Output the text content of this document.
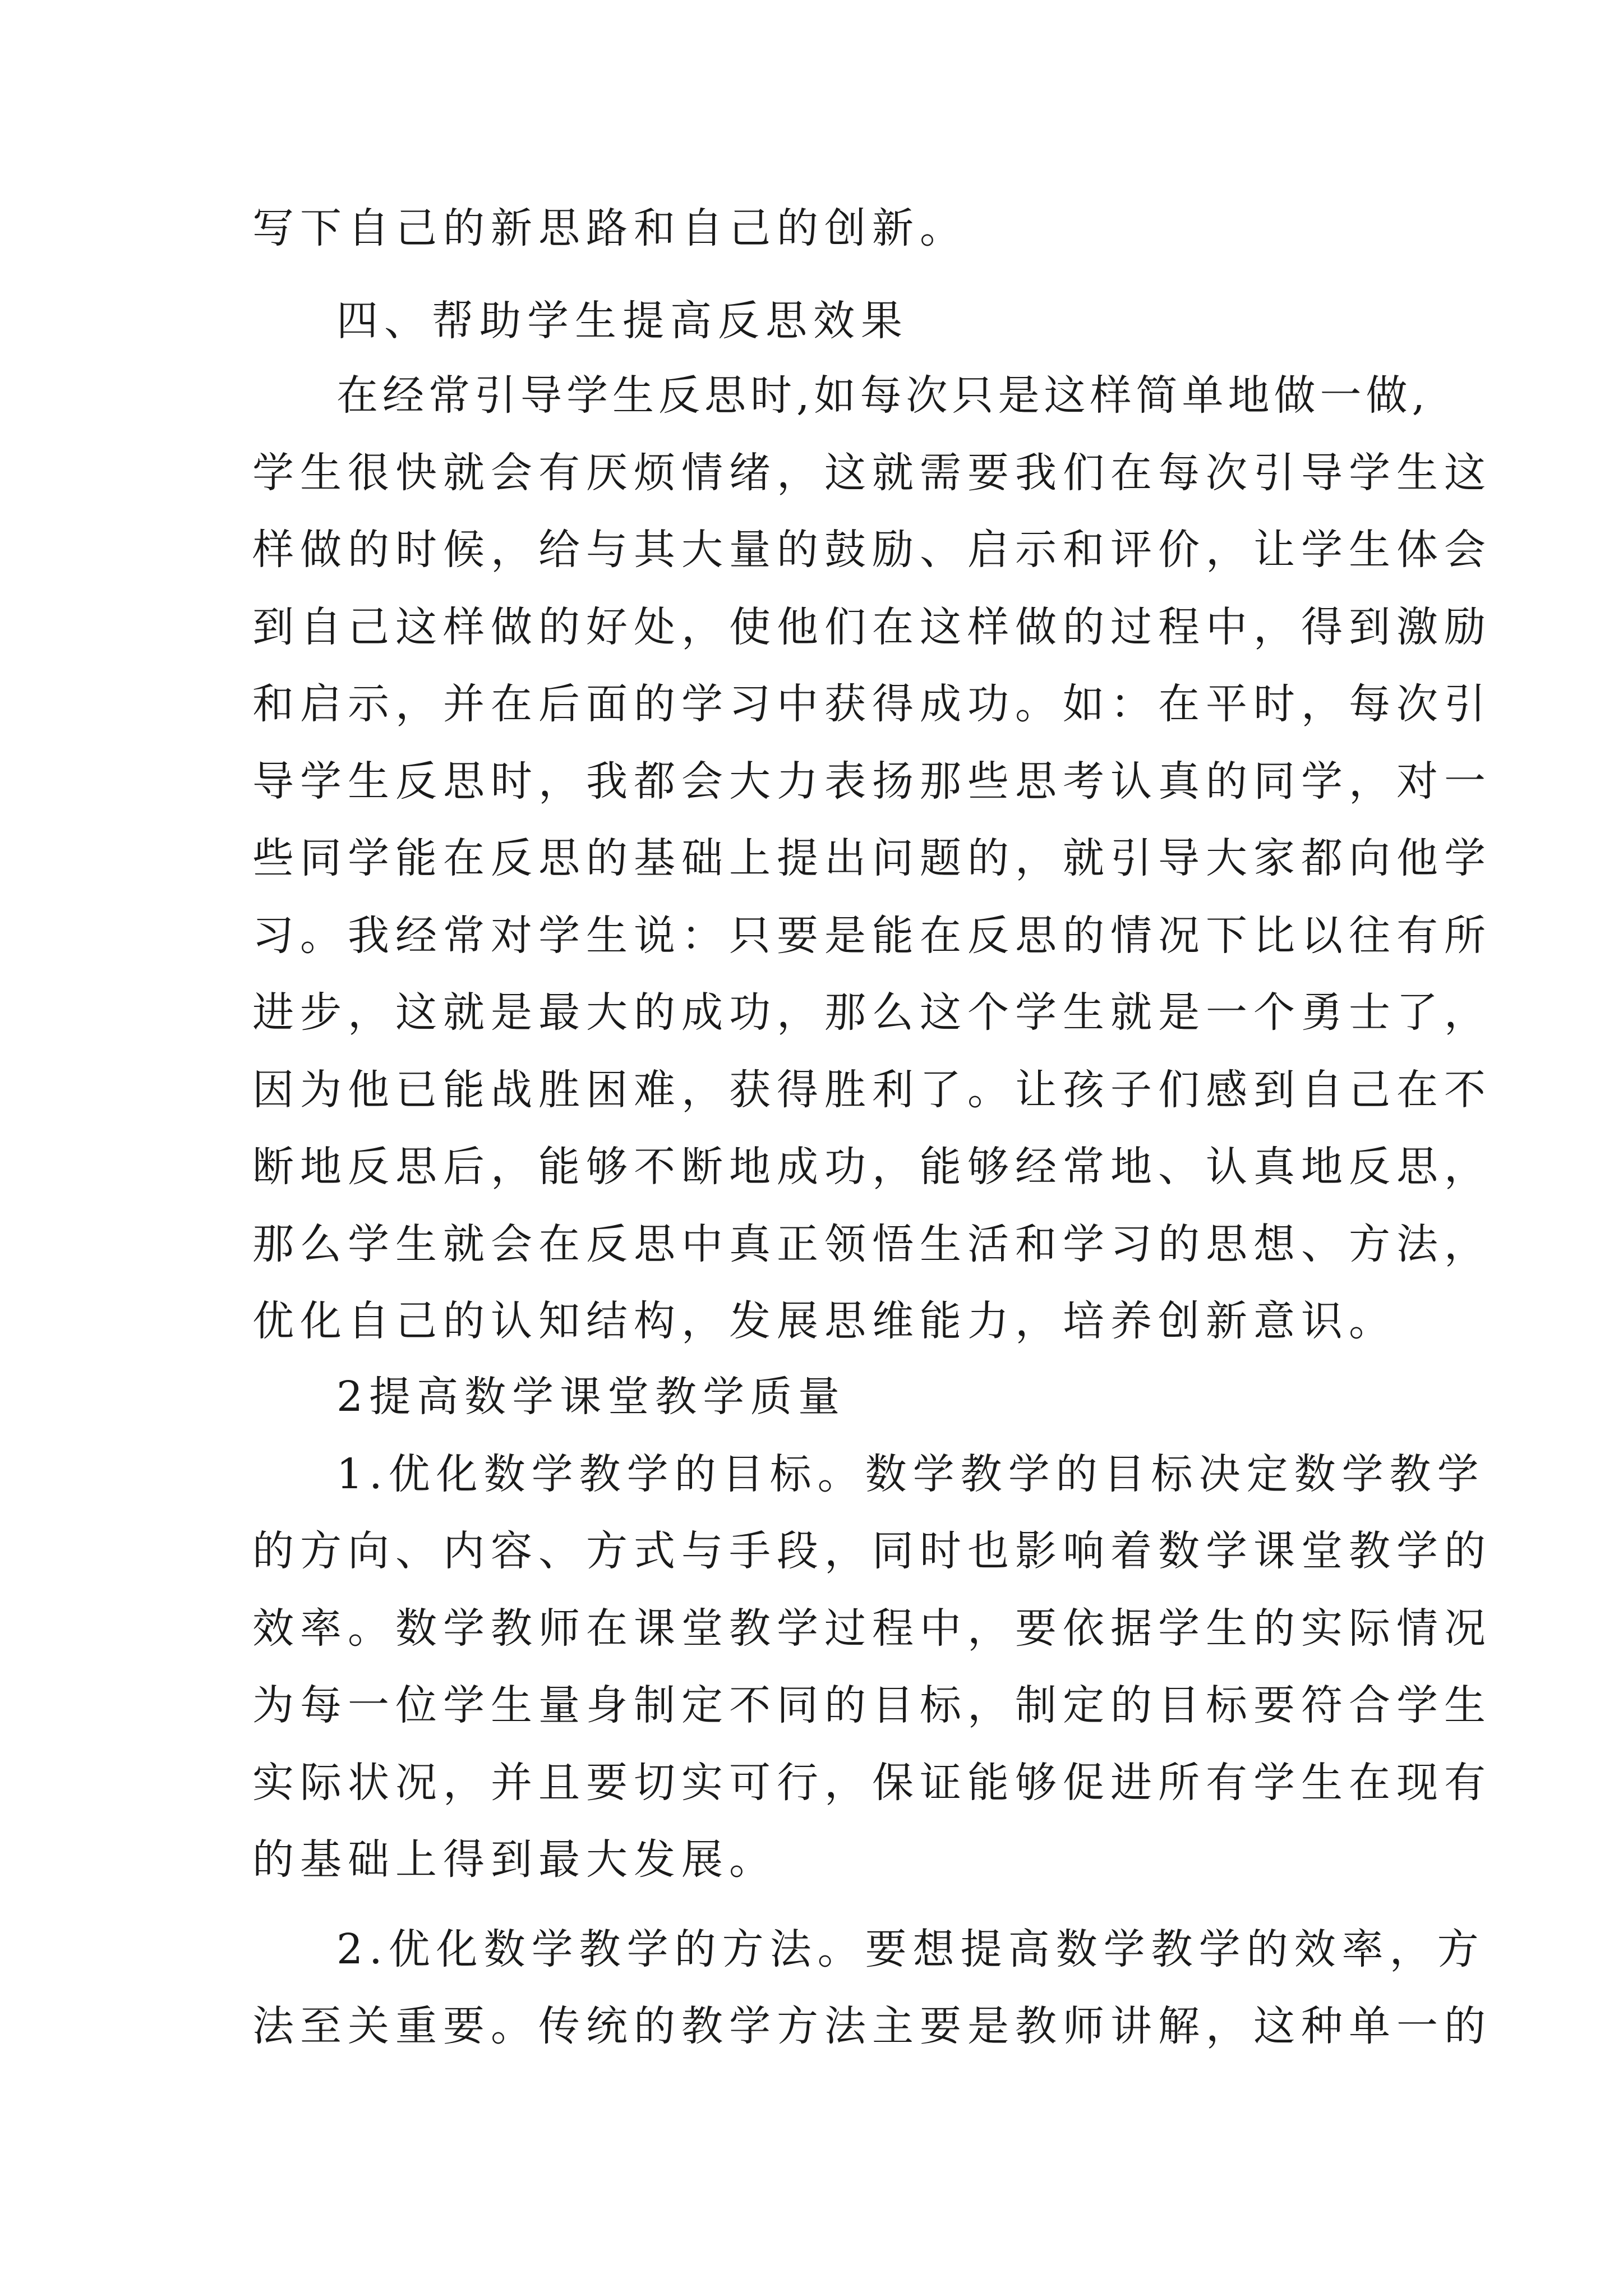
写下自己的新思路和自己的创新。
四、帮助学生提高反思效果
在经常引导学生反思时,如每次只是这样简单地做一做,
学生很快就会有厌烦情绪，这就需要我们在每次引导学生这
样做的时候，给与其大量的鼓励、启示和评价，让学生体会
到自己这样做的好处，使他们在这样做的过程中，得到激励
和启示，并在后面的学习中获得成功。如：在平时，每次引
导学生反思时，我都会大力表扬那些思考认真的同学，对一
些同学能在反思的基础上提出问题的，就引导大家都向他学
习。我经常对学生说：只要是能在反思的情况下比以往有所
进步，这就是最大的成功，那么这个学生就是一个勇士了，
因为他已能战胜困难，获得胜利了。让孩子们感到自己在不
断地反思后，能够不断地成功，能够经常地、认真地反思，
那么学生就会在反思中真正领悟生活和学习的思想、方法，
优化自己的认知结构，发展思维能力，培养创新意识。
2提高数学课堂教学质量
1.优化数学教学的目标。数学教学的目标决定数学教学
的方向、内容、方式与手段，同时也影响着数学课堂教学的
效率。数学教师在课堂教学过程中，要依据学生的实际情况
为每一位学生量身制定不同的目标，制定的目标要符合学生
实际状况，并且要切实可行，保证能够促进所有学生在现有
的基础上得到最大发展。
2.优化数学教学的方法。要想提高数学教学的效率，方
法至关重要。传统的教学方法主要是教师讲解，这种单一的
